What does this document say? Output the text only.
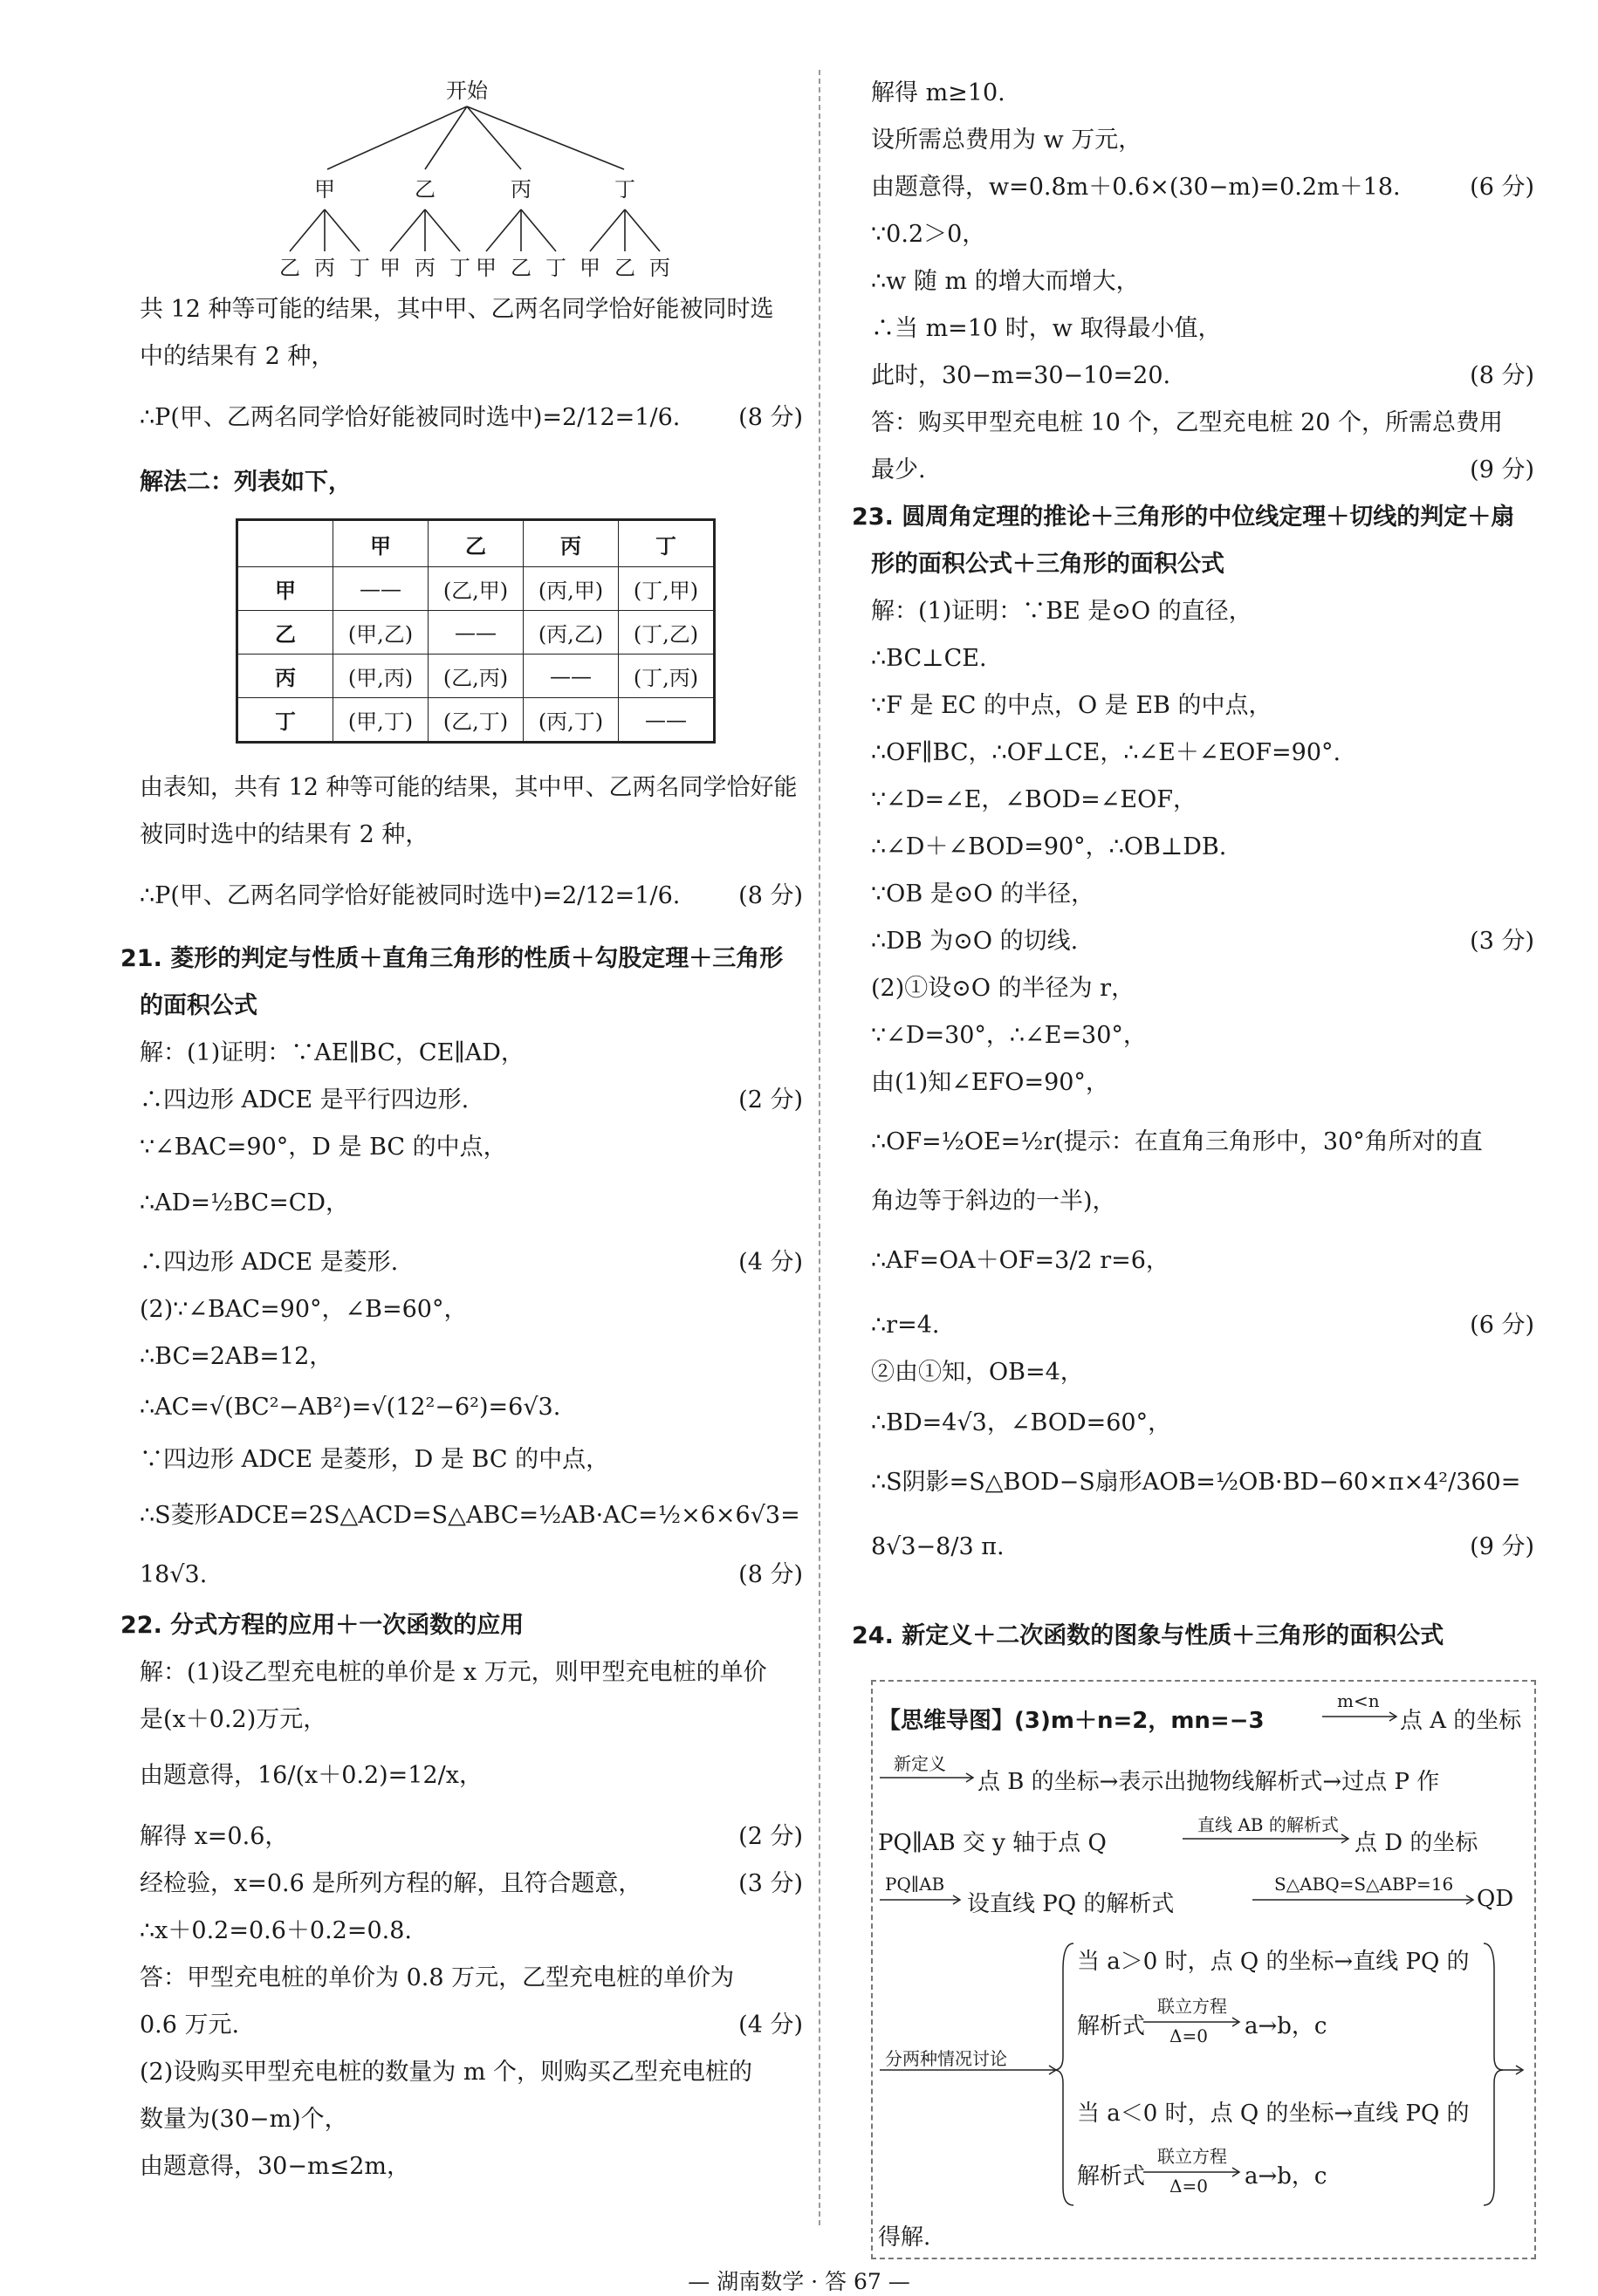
开始
甲	乙	丙	丁
乙 丙 丁 甲 丙 丁 甲 乙 丁 甲 乙 丙
共 12 种等可能的结果，其中甲、乙两名同学恰好能被同时选
中的结果有 2 种，
∴P(甲、乙两名同学恰好能被同时选中)=2/12=1/6. (8 分)
解法二：列表如下，
	甲	乙	丙	丁
甲	——	(乙,甲)	(丙,甲)	(丁,甲)
乙	(甲,乙)	——	(丙,乙)	(丁,乙)
丙	(甲,丙)	(乙,丙)	——	(丁,丙)
丁	(甲,丁)	(乙,丁)	(丙,丁)	——
由表知，共有 12 种等可能的结果，其中甲、乙两名同学恰好能
被同时选中的结果有 2 种，
∴P(甲、乙两名同学恰好能被同时选中)=2/12=1/6. (8 分)
21. 菱形的判定与性质＋直角三角形的性质＋勾股定理＋三角形
的面积公式
解：(1)证明：∵AE∥BC，CE∥AD，
∴四边形 ADCE 是平行四边形.	(2 分)
∵∠BAC=90°，D 是 BC 的中点，
∴AD=½BC=CD，
∴四边形 ADCE 是菱形.	(4 分)
(2)∵∠BAC=90°，∠B=60°，
∴BC=2AB=12，
∴AC=√(BC²−AB²)=√(12²−6²)=6√3.
∵四边形 ADCE 是菱形，D 是 BC 的中点，
∴S菱形ADCE=2S△ACD=S△ABC=½AB·AC=½×6×6√3=
18√3.	(8 分)
22. 分式方程的应用＋一次函数的应用
解：(1)设乙型充电桩的单价是 x 万元，则甲型充电桩的单价
是(x＋0.2)万元，
由题意得，16/(x＋0.2)=12/x，
解得 x=0.6，	(2 分)
经检验，x=0.6 是所列方程的解，且符合题意，	(3 分)
∴x＋0.2=0.6＋0.2=0.8.
答：甲型充电桩的单价为 0.8 万元，乙型充电桩的单价为
0.6 万元.	(4 分)
(2)设购买甲型充电桩的数量为 m 个，则购买乙型充电桩的
数量为(30−m)个，
由题意得，30−m≤2m，
解得 m≥10.
设所需总费用为 w 万元，
由题意得，w=0.8m＋0.6×(30−m)=0.2m＋18.	(6 分)
∵0.2＞0，
∴w 随 m 的增大而增大，
∴当 m=10 时，w 取得最小值，
此时，30−m=30−10=20.	(8 分)
答：购买甲型充电桩 10 个，乙型充电桩 20 个，所需总费用
最少.	(9 分)
23. 圆周角定理的推论＋三角形的中位线定理＋切线的判定＋扇
形的面积公式＋三角形的面积公式
解：(1)证明：∵BE 是⊙O 的直径，
∴BC⊥CE.
∵F 是 EC 的中点，O 是 EB 的中点，
∴OF∥BC，∴OF⊥CE，∴∠E＋∠EOF=90°.
∵∠D=∠E，∠BOD=∠EOF，
∴∠D＋∠BOD=90°，∴OB⊥DB.
∵OB 是⊙O 的半径，
∴DB 为⊙O 的切线.	(3 分)
(2)①设⊙O 的半径为 r，
∵∠D=30°，∴∠E=30°，
由(1)知∠EFO=90°，
∴OF=½OE=½r(提示：在直角三角形中，30°角所对的直
角边等于斜边的一半)，
∴AF=OA＋OF=3/2 r=6，
∴r=4.	(6 分)
②由①知，OB=4，
∴BD=4√3，∠BOD=60°，
∴S阴影=S△BOD−S扇形AOB=½OB·BD−60×π×4²/360=
8√3−8/3 π.	(9 分)
24. 新定义＋二次函数的图象与性质＋三角形的面积公式
【思维导图】(3)m＋n=2，mn=−3
m<n
点 A 的坐标
新定义
点 B 的坐标→表示出抛物线解析式→过点 P 作
PQ∥AB 交 y 轴于点 Q
直线 AB 的解析式
点 D 的坐标
PQ∥AB
设直线 PQ 的解析式
S△ABQ=S△ABP=16
QD
当 a＞0 时，点 Q 的坐标→直线 PQ 的
解析式
联立方程
Δ=0 a→b，c
分两种情况讨论
当 a＜0 时，点 Q 的坐标→直线 PQ 的
解析式
联立方程
Δ=0 a→b，c
得解.
— 湖南数学 · 答 67 —
